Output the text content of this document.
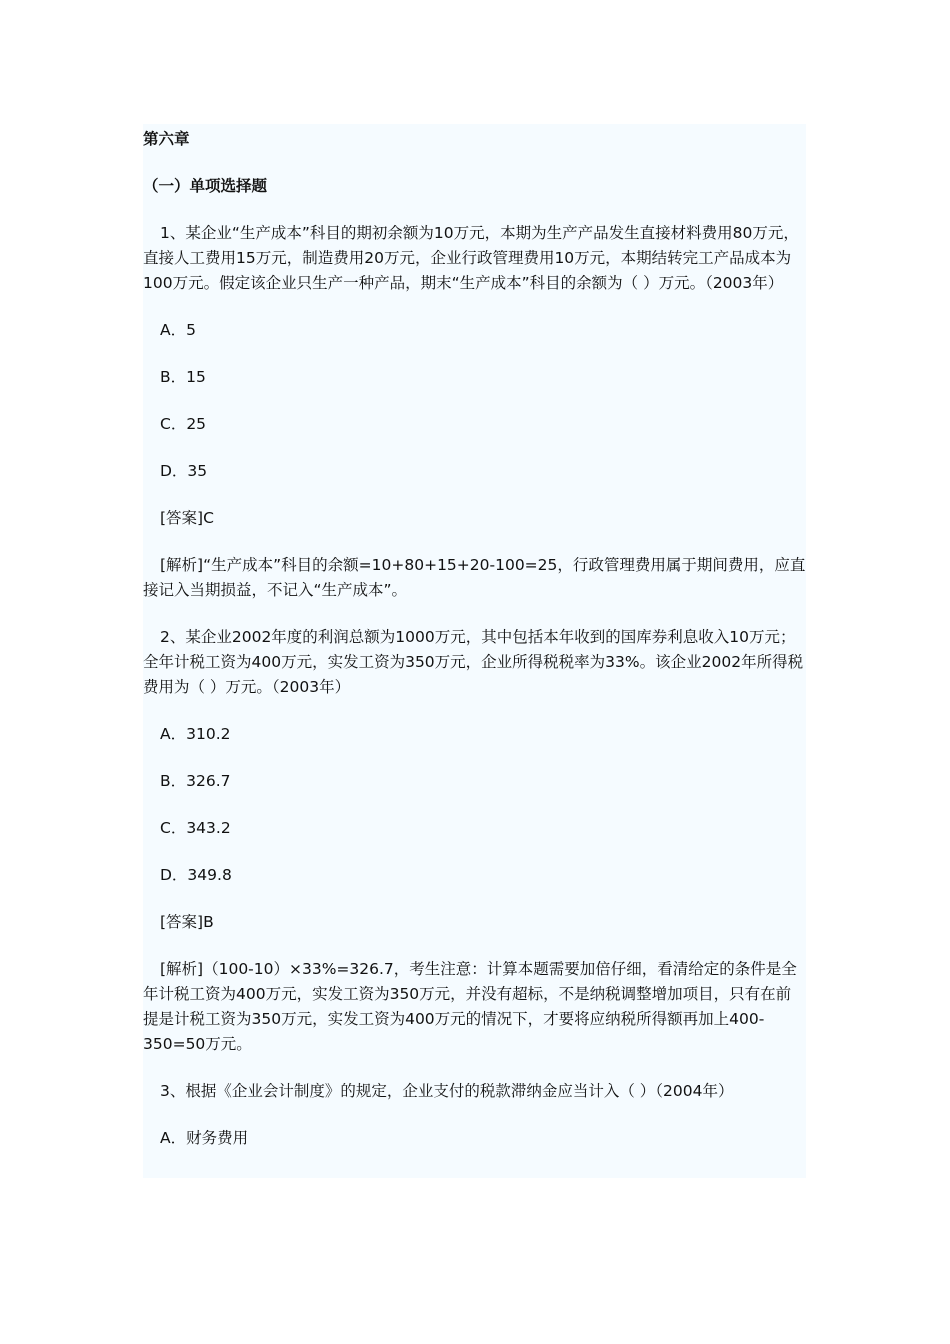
第六章

（一）单项选择题

1、某企业“生产成本”科目的期初余额为10万元，本期为生产产品发生直接材料费用80万元，直接人工费用15万元，制造费用20万元，企业行政管理费用10万元，本期结转完工产品成本为100万元。假定该企业只生产一种产品，期末“生产成本”科目的余额为（ ）万元。（2003年）

A．5

B．15

C．25

D．35

[答案]C

[解析]“生产成本”科目的余额=10+80+15+20-100=25，行政管理费用属于期间费用，应直接记入当期损益，不记入“生产成本”。

2、某企业2002年度的利润总额为1000万元，其中包括本年收到的国库券利息收入10万元；全年计税工资为400万元，实发工资为350万元，企业所得税税率为33%。该企业2002年所得税费用为（ ）万元。（2003年）

A．310.2

B．326.7

C．343.2

D．349.8

[答案]B

[解析]（100-10）×33%=326.7，考生注意：计算本题需要加倍仔细，看清给定的条件是全年计税工资为400万元，实发工资为350万元，并没有超标，不是纳税调整增加项目，只有在前提是计税工资为350万元，实发工资为400万元的情况下，才要将应纳税所得额再加上400-350=50万元。

3、根据《企业会计制度》的规定，企业支付的税款滞纳金应当计入（ ）（2004年）

A．财务费用
